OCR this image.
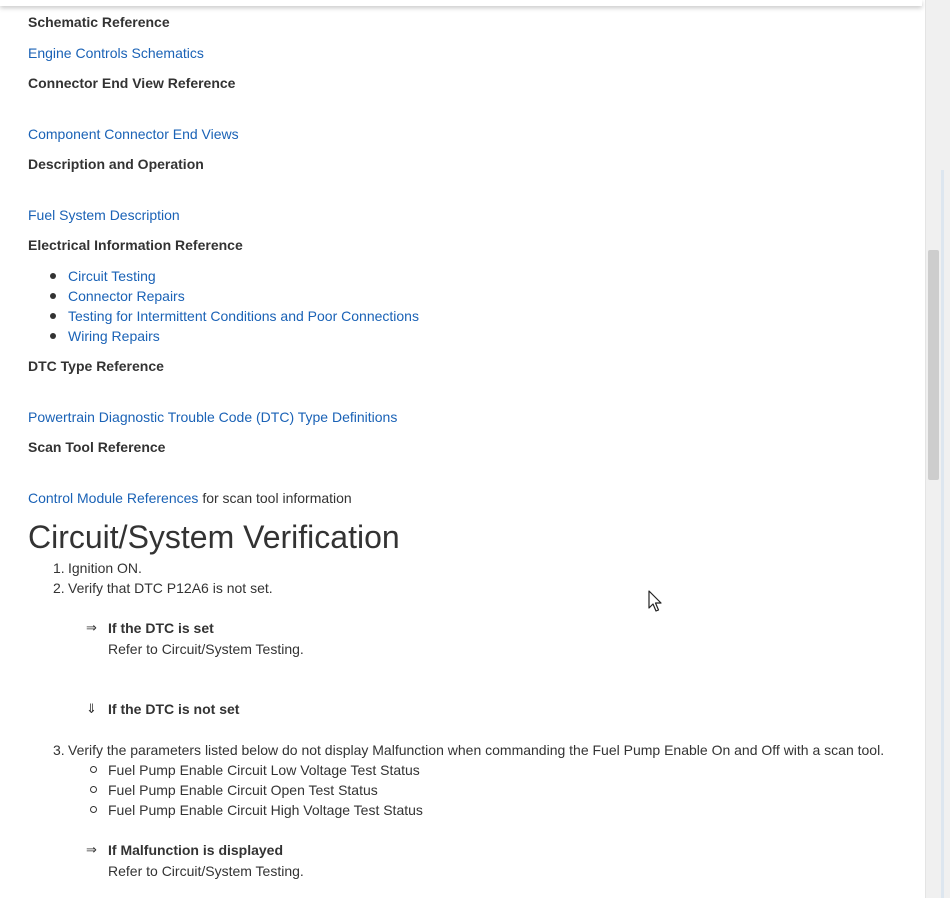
Schematic Reference
Engine Controls Schematics
Connector End View Reference
Component Connector End Views
Description and Operation
Fuel System Description
Electrical Information Reference
Circuit Testing
Connector Repairs
Testing for Intermittent Conditions and Poor Connections
Wiring Repairs
DTC Type Reference
Powertrain Diagnostic Trouble Code (DTC) Type Definitions
Scan Tool Reference
Control Module References for scan tool information
Circuit/System Verification
1. Ignition ON.
2. Verify that DTC P12A6 is not set.
⇒ If the DTC is set
Refer to Circuit/System Testing.
⇓ If the DTC is not set
3. Verify the parameters listed below do not display Malfunction when commanding the Fuel Pump Enable On and Off with a scan tool.
Fuel Pump Enable Circuit Low Voltage Test Status
Fuel Pump Enable Circuit Open Test Status
Fuel Pump Enable Circuit High Voltage Test Status
⇒ If Malfunction is displayed
Refer to Circuit/System Testing.
